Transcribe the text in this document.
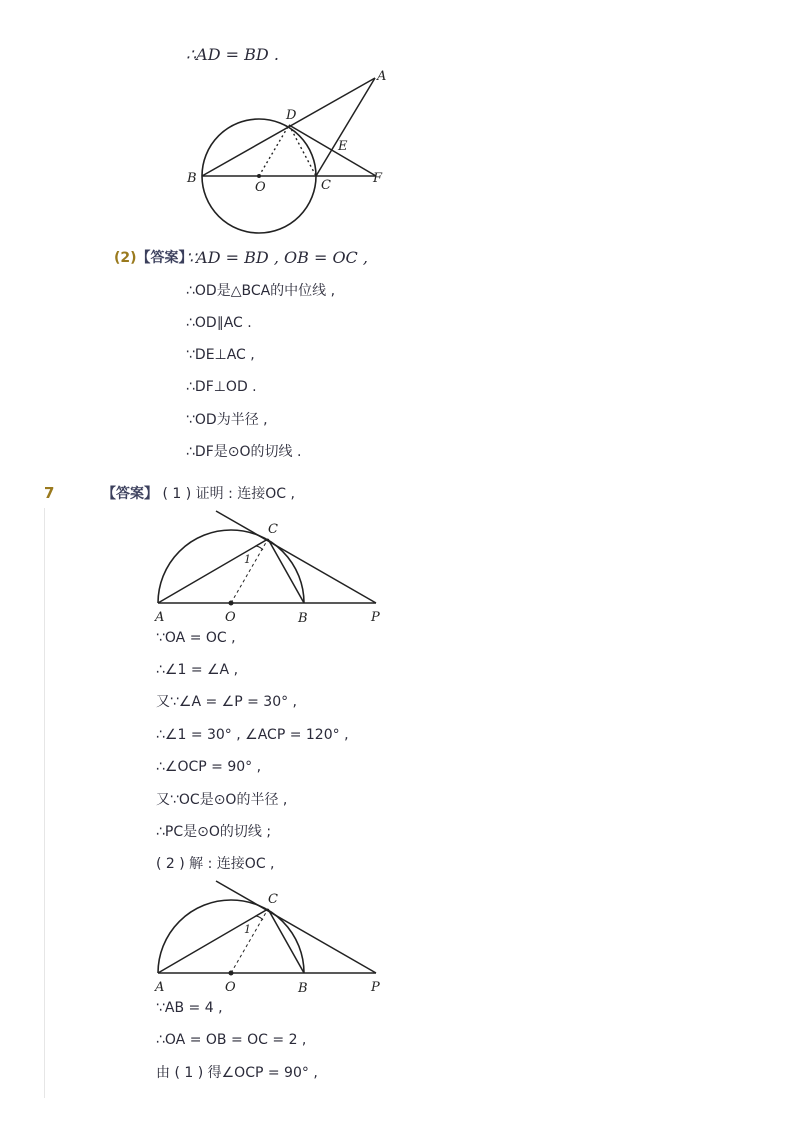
∴AD = BD .
A
D
E
B
O	C	F
(2)【答案】
∵AD = BD , OB = OC ,
∴OD是△BCA的中位线 ,
∴OD∥AC .
∵DE⊥AC ,
∴DF⊥OD .
∵OD为半径 ,
∴DF是⊙O的切线 .
7	【答案】 ( 1 ) 证明 : 连接OC ,
C
1
A	O	B	P
∵OA = OC ,
∴∠1 = ∠A ,
又∵∠A = ∠P = 30° ,
∴∠1 = 30° , ∠ACP = 120° ,
∴∠OCP = 90° ,
又∵OC是⊙O的半径 ,
∴PC是⊙O的切线 ;
( 2 ) 解 : 连接OC ,
C
1
A	O	B	P
∵AB = 4 ,
∴OA = OB = OC = 2 ,
由 ( 1 ) 得∠OCP = 90° ,
